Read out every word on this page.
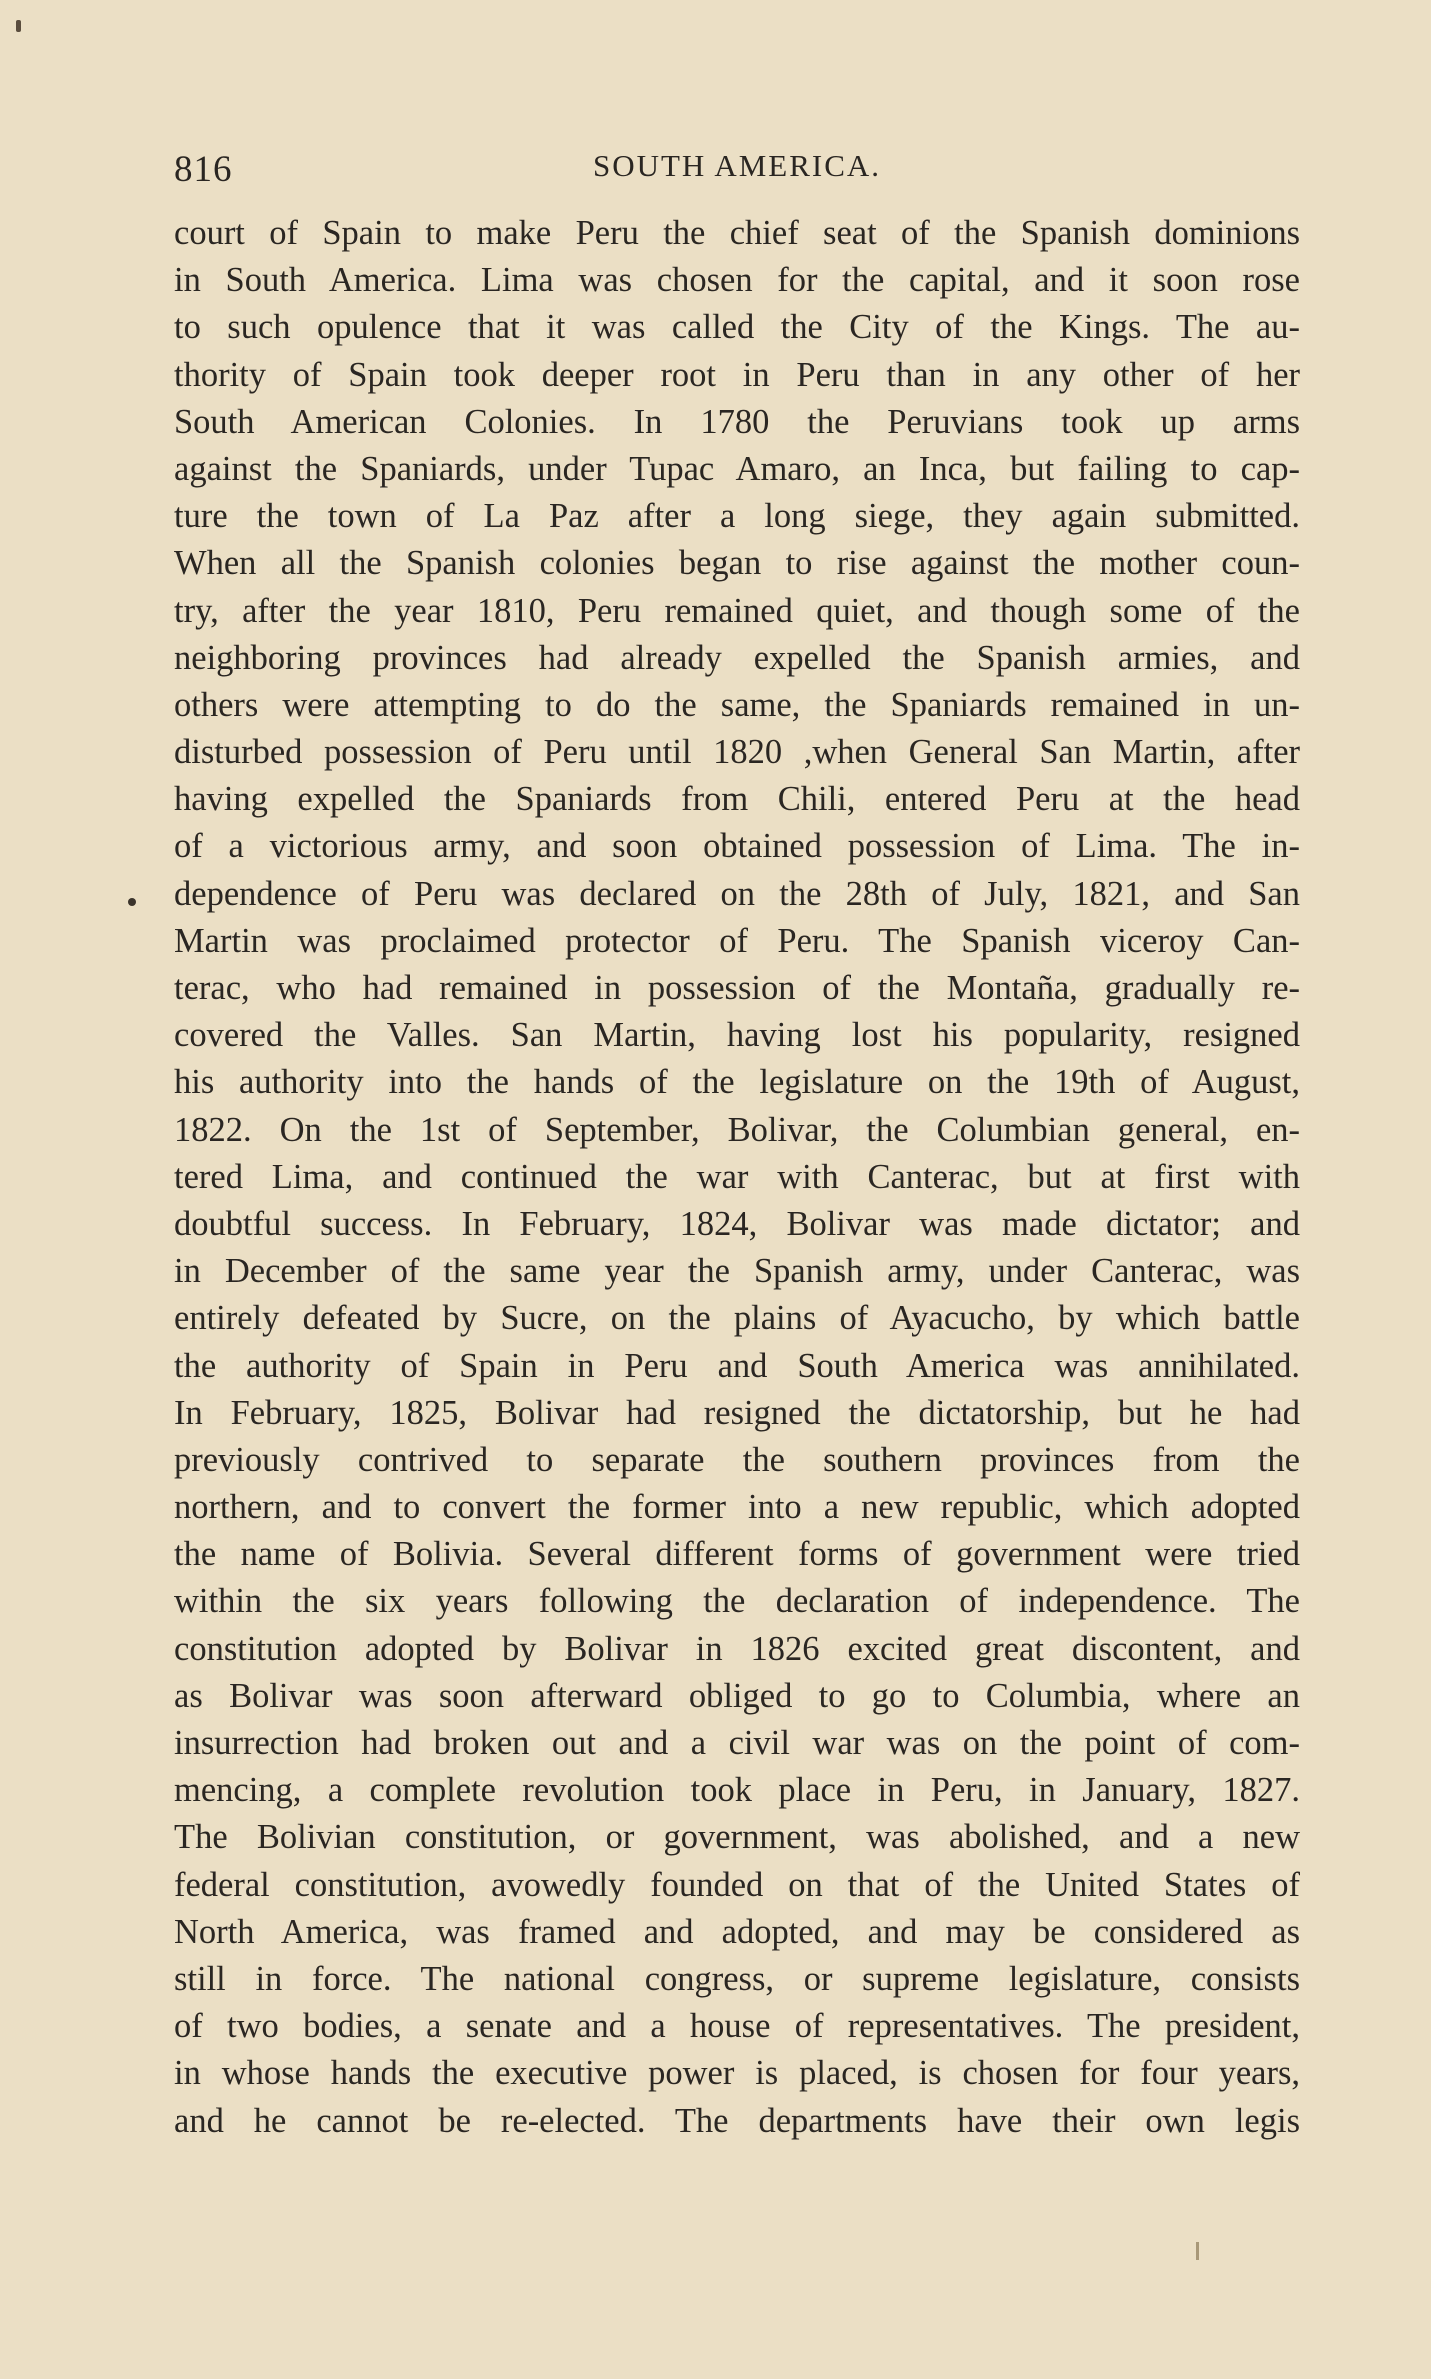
816	SOUTH AMERICA.
court of Spain to make Peru the chief seat of the Spanish dominions
in South America. Lima was chosen for the capital, and it soon rose
to such opulence that it was called the City of the Kings. The au-
thority of Spain took deeper root in Peru than in any other of her
South American Colonies. In 1780 the Peruvians took up arms
against the Spaniards, under Tupac Amaro, an Inca, but failing to cap-
ture the town of La Paz after a long siege, they again submitted.
When all the Spanish colonies began to rise against the mother coun-
try, after the year 1810, Peru remained quiet, and though some of the
neighboring provinces had already expelled the Spanish armies, and
others were attempting to do the same, the Spaniards remained in un-
disturbed possession of Peru until 1820 ,when General San Martin, after
having expelled the Spaniards from Chili, entered Peru at the head
of a victorious army, and soon obtained possession of Lima. The in-
dependence of Peru was declared on the 28th of July, 1821, and San
Martin was proclaimed protector of Peru. The Spanish viceroy Can-
terac, who had remained in possession of the Montaña, gradually re-
covered the Valles. San Martin, having lost his popularity, resigned
his authority into the hands of the legislature on the 19th of August,
1822. On the 1st of September, Bolivar, the Columbian general, en-
tered Lima, and continued the war with Canterac, but at first with
doubtful success. In February, 1824, Bolivar was made dictator; and
in December of the same year the Spanish army, under Canterac, was
entirely defeated by Sucre, on the plains of Ayacucho, by which battle
the authority of Spain in Peru and South America was annihilated.
In February, 1825, Bolivar had resigned the dictatorship, but he had
previously contrived to separate the southern provinces from the
northern, and to convert the former into a new republic, which adopted
the name of Bolivia. Several different forms of government were tried
within the six years following the declaration of independence. The
constitution adopted by Bolivar in 1826 excited great discontent, and
as Bolivar was soon afterward obliged to go to Columbia, where an
insurrection had broken out and a civil war was on the point of com-
mencing, a complete revolution took place in Peru, in January, 1827.
The Bolivian constitution, or government, was abolished, and a new
federal constitution, avowedly founded on that of the United States of
North America, was framed and adopted, and may be considered as
still in force. The national congress, or supreme legislature, consists
of two bodies, a senate and a house of representatives. The president,
in whose hands the executive power is placed, is chosen for four years,
and he cannot be re-elected. The departments have their own legis
